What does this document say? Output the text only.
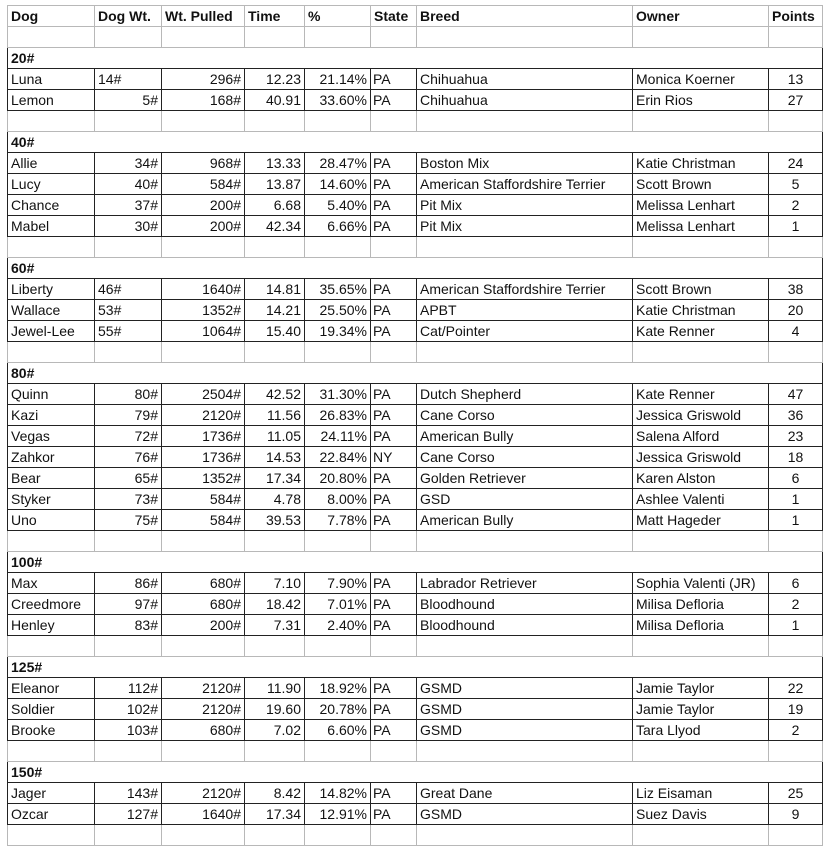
Dog	Dog Wt.	Wt. Pulled	Time	%	State	Breed	Owner	Points

20#								
Luna	14#	296#	12.23	21.14%	PA	Chihuahua	Monica Koerner	13
Lemon	5#	168#	40.91	33.60%	PA	Chihuahua	Erin Rios	27

40#								
Allie	34#	968#	13.33	28.47%	PA	Boston Mix	Katie Christman	24
Lucy	40#	584#	13.87	14.60%	PA	American Staffordshire Terrier	Scott Brown	5
Chance	37#	200#	6.68	5.40%	PA	Pit Mix	Melissa Lenhart	2
Mabel	30#	200#	42.34	6.66%	PA	Pit Mix	Melissa Lenhart	1

60#								
Liberty	46#	1640#	14.81	35.65%	PA	American Staffordshire Terrier	Scott Brown	38
Wallace	53#	1352#	14.21	25.50%	PA	APBT	Katie Christman	20
Jewel-Lee	55#	1064#	15.40	19.34%	PA	Cat/Pointer	Kate Renner	4

80#								
Quinn	80#	2504#	42.52	31.30%	PA	Dutch Shepherd	Kate Renner	47
Kazi	79#	2120#	11.56	26.83%	PA	Cane Corso	Jessica Griswold	36
Vegas	72#	1736#	11.05	24.11%	PA	American Bully	Salena Alford	23
Zahkor	76#	1736#	14.53	22.84%	NY	Cane Corso	Jessica Griswold	18
Bear	65#	1352#	17.34	20.80%	PA	Golden Retriever	Karen Alston	6
Styker	73#	584#	4.78	8.00%	PA	GSD	Ashlee Valenti	1
Uno	75#	584#	39.53	7.78%	PA	American Bully	Matt Hageder	1

100#								
Max	86#	680#	7.10	7.90%	PA	Labrador Retriever	Sophia Valenti (JR)	6
Creedmore	97#	680#	18.42	7.01%	PA	Bloodhound	Milisa Defloria	2
Henley	83#	200#	7.31	2.40%	PA	Bloodhound	Milisa Defloria	1

125#								
Eleanor	112#	2120#	11.90	18.92%	PA	GSMD	Jamie Taylor	22
Soldier	102#	2120#	19.60	20.78%	PA	GSMD	Jamie Taylor	19
Brooke	103#	680#	7.02	6.60%	PA	GSMD	Tara Llyod	2

150#								
Jager	143#	2120#	8.42	14.82%	PA	Great Dane	Liz Eisaman	25
Ozcar	127#	1640#	17.34	12.91%	PA	GSMD	Suez Davis	9
